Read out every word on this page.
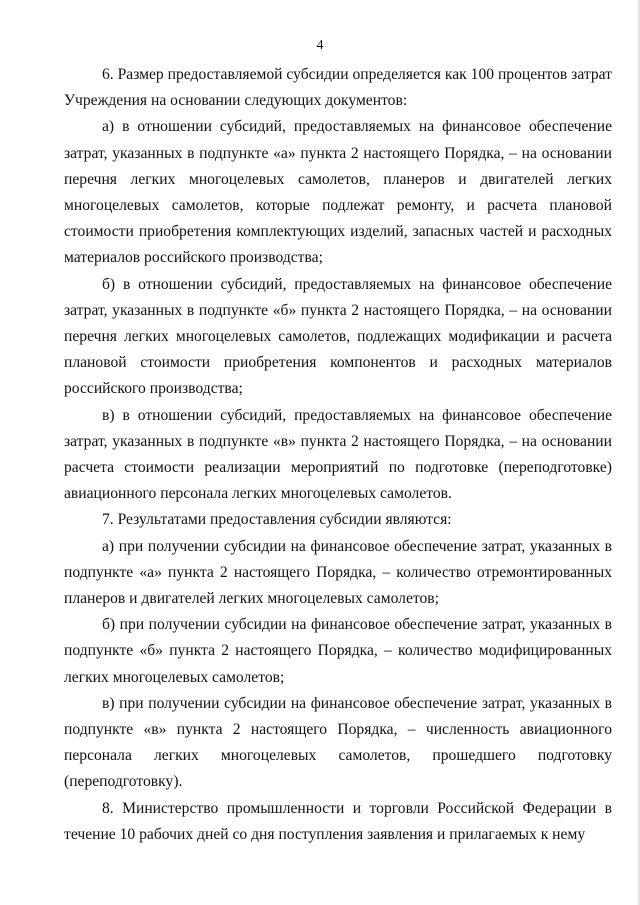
4

6. Размер предоставляемой субсидии определяется как 100 процентов затрат Учреждения на основании следующих документов:

а) в отношении субсидий, предоставляемых на финансовое обеспечение затрат, указанных в подпункте «а» пункта 2 настоящего Порядка, – на основании перечня легких многоцелевых самолетов, планеров и двигателей легких многоцелевых самолетов, которые подлежат ремонту, и расчета плановой стоимости приобретения комплектующих изделий, запасных частей и расходных материалов российского производства;

б) в отношении субсидий, предоставляемых на финансовое обеспечение затрат, указанных в подпункте «б» пункта 2 настоящего Порядка, – на основании перечня легких многоцелевых самолетов, подлежащих модификации и расчета плановой стоимости приобретения компонентов и расходных материалов российского производства;

в) в отношении субсидий, предоставляемых на финансовое обеспечение затрат, указанных в подпункте «в» пункта 2 настоящего Порядка, – на основании расчета стоимости реализации мероприятий по подготовке (переподготовке) авиационного персонала легких многоцелевых самолетов.

7. Результатами предоставления субсидии являются:

а) при получении субсидии на финансовое обеспечение затрат, указанных в подпункте «а» пункта 2 настоящего Порядка, – количество отремонтированных планеров и двигателей легких многоцелевых самолетов;

б) при получении субсидии на финансовое обеспечение затрат, указанных в подпункте «б» пункта 2 настоящего Порядка, – количество модифицированных легких многоцелевых самолетов;

в) при получении субсидии на финансовое обеспечение затрат, указанных в подпункте «в» пункта 2 настоящего Порядка, – численность авиационного персонала легких многоцелевых самолетов, прошедшего подготовку (переподготовку).

8. Министерство промышленности и торговли Российской Федерации в течение 10 рабочих дней со дня поступления заявления и прилагаемых к нему
